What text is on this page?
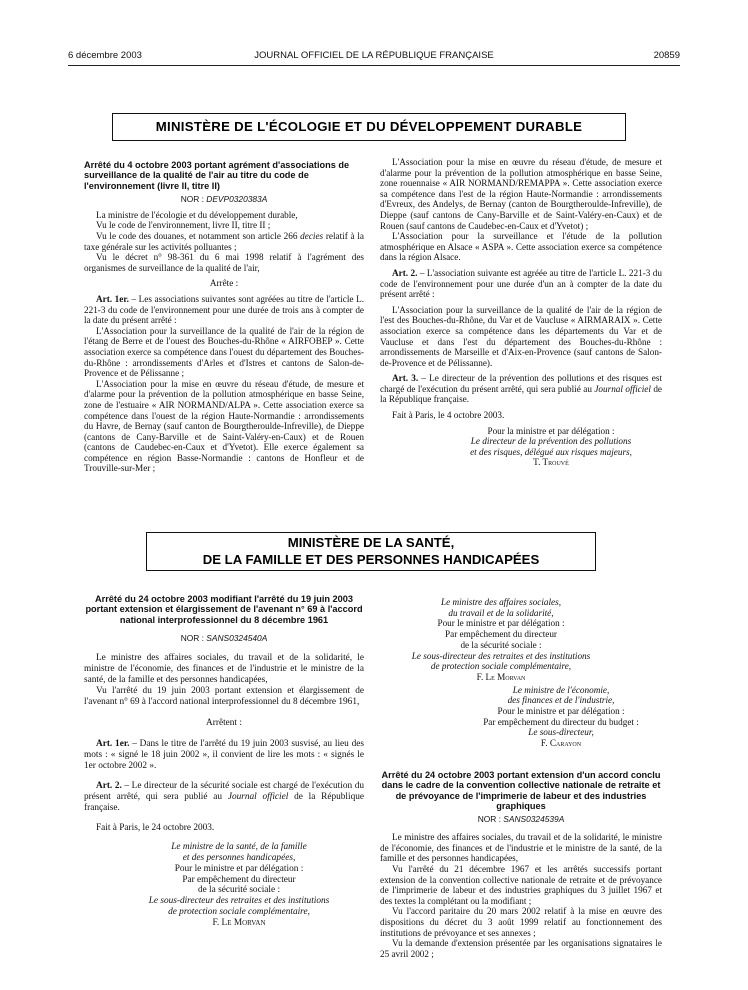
6 décembre 2003	JOURNAL OFFICIEL DE LA RÉPUBLIQUE FRANÇAISE	20859
MINISTÈRE DE L'ÉCOLOGIE ET DU DÉVELOPPEMENT DURABLE

Arrêté du 4 octobre 2003 portant agrément d'associations de surveillance de la qualité de l'air au titre du code de l'environnement (livre II, titre II)

NOR : DEVP0320383A

La ministre de l'écologie et du développement durable,

Vu le code de l'environnement, livre II, titre II ;

Vu le code des douanes, et notamment son article 266 decies relatif à la taxe générale sur les activités polluantes ;

Vu le décret n° 98-361 du 6 mai 1998 relatif à l'agrément des organismes de surveillance de la qualité de l'air,

Arrête :

Art. 1er. – Les associations suivantes sont agréées au titre de l'article L. 221-3 du code de l'environnement pour une durée de trois ans à compter de la date du présent arrêté :

L'Association pour la surveillance de la qualité de l'air de la région de l'étang de Berre et de l'ouest des Bouches-du-Rhône « AIRFOBEP ». Cette association exerce sa compétence dans l'ouest du département des Bouches-du-Rhône : arrondissements d'Arles et d'Istres et cantons de Salon-de-Provence et de Pélissanne ;

L'Association pour la mise en œuvre du réseau d'étude, de mesure et d'alarme pour la prévention de la pollution atmosphérique en basse Seine, zone de l'estuaire « AIR NORMAND/ALPA ». Cette association exerce sa compétence dans l'ouest de la région Haute-Normandie : arrondissements du Havre, de Bernay (sauf canton de Bourgtheroulde-Infreville), de Dieppe (cantons de Cany-Barville et de Saint-Valéry-en-Caux) et de Rouen (cantons de Caudebec-en-Caux et d'Yvetot). Elle exerce également sa compétence en région Basse-Normandie : cantons de Honfleur et de Trouville-sur-Mer ;

L'Association pour la mise en œuvre du réseau d'étude, de mesure et d'alarme pour la prévention de la pollution atmosphérique en basse Seine, zone rouennaise « AIR NORMAND/REMAPPA ». Cette association exerce sa compétence dans l'est de la région Haute-Normandie : arrondissements d'Evreux, des Andelys, de Bernay (canton de Bourgtheroulde-Infreville), de Dieppe (sauf cantons de Cany-Barville et de Saint-Valéry-en-Caux) et de Rouen (sauf cantons de Caudebec-en-Caux et d'Yvetot) ;

L'Association pour la surveillance et l'étude de la pollution atmosphérique en Alsace « ASPA ». Cette association exerce sa compétence dans la région Alsace.

Art. 2. – L'association suivante est agréée au titre de l'article L. 221-3 du code de l'environnement pour une durée d'un an à compter de la date du présent arrêté :

L'Association pour la surveillance de la qualité de l'air de la région de l'est des Bouches-du-Rhône, du Var et de Vaucluse « AIRMARAIX ». Cette association exerce sa compétence dans les départements du Var et de Vaucluse et dans l'est du département des Bouches-du-Rhône : arrondissements de Marseille et d'Aix-en-Provence (sauf cantons de Salon-de-Provence et de Pélissanne).

Art. 3. – Le directeur de la prévention des pollutions et des risques est chargé de l'exécution du présent arrêté, qui sera publié au Journal officiel de la République française.

Fait à Paris, le 4 octobre 2003.

Pour la ministre et par délégation :
Le directeur de la prévention des pollutions
et des risques, délégué aux risques majeurs,
T. Trouvé
MINISTÈRE DE LA SANTÉ,
DE LA FAMILLE ET DES PERSONNES HANDICAPÉES

Arrêté du 24 octobre 2003 modifiant l'arrêté du 19 juin 2003 portant extension et élargissement de l'avenant n° 69 à l'accord national interprofessionnel du 8 décembre 1961

NOR : SANS0324540A

Le ministre des affaires sociales, du travail et de la solidarité, le ministre de l'économie, des finances et de l'industrie et le ministre de la santé, de la famille et des personnes handicapées,

Vu l'arrêté du 19 juin 2003 portant extension et élargissement de l'avenant n° 69 à l'accord national interprofessionnel du 8 décembre 1961,

Arrêtent :

Art. 1er. – Dans le titre de l'arrêté du 19 juin 2003 susvisé, au lieu des mots : « signé le 18 juin 2002 », il convient de lire les mots : « signés le 1er octobre 2002 ».

Art. 2. – Le directeur de la sécurité sociale est chargé de l'exécution du présent arrêté, qui sera publié au Journal officiel de la République française.

Fait à Paris, le 24 octobre 2003.

Le ministre de la santé, de la famille
et des personnes handicapées,
Pour le ministre et par délégation :
Par empêchement du directeur
de la sécurité sociale :
Le sous-directeur des retraites et des institutions
de protection sociale complémentaire,
F. Le Morvan
Le ministre des affaires sociales,
du travail et de la solidarité,
Pour le ministre et par délégation :
Par empêchement du directeur
de la sécurité sociale :
Le sous-directeur des retraites et des institutions
de protection sociale complémentaire,
F. Le Morvan
Le ministre de l'économie,
des finances et de l'industrie,
Pour le ministre et par délégation :
Par empêchement du directeur du budget :
Le sous-directeur,
F. Carayon

Arrêté du 24 octobre 2003 portant extension d'un accord conclu dans le cadre de la convention collective nationale de retraite et de prévoyance de l'imprimerie de labeur et des industries graphiques

NOR : SANS0324539A

Le ministre des affaires sociales, du travail et de la solidarité, le ministre de l'économie, des finances et de l'industrie et le ministre de la santé, de la famille et des personnes handicapées,

Vu l'arrêté du 21 décembre 1967 et les arrêtés successifs portant extension de la convention collective nationale de retraite et de prévoyance de l'imprimerie de labeur et des industries graphiques du 3 juillet 1967 et des textes la complétant ou la modifiant ;

Vu l'accord paritaire du 20 mars 2002 relatif à la mise en œuvre des dispositions du décret du 3 août 1999 relatif au fonctionnement des institutions de prévoyance et ses annexes ;

Vu la demande d'extension présentée par les organisations signataires le 25 avril 2002 ;
